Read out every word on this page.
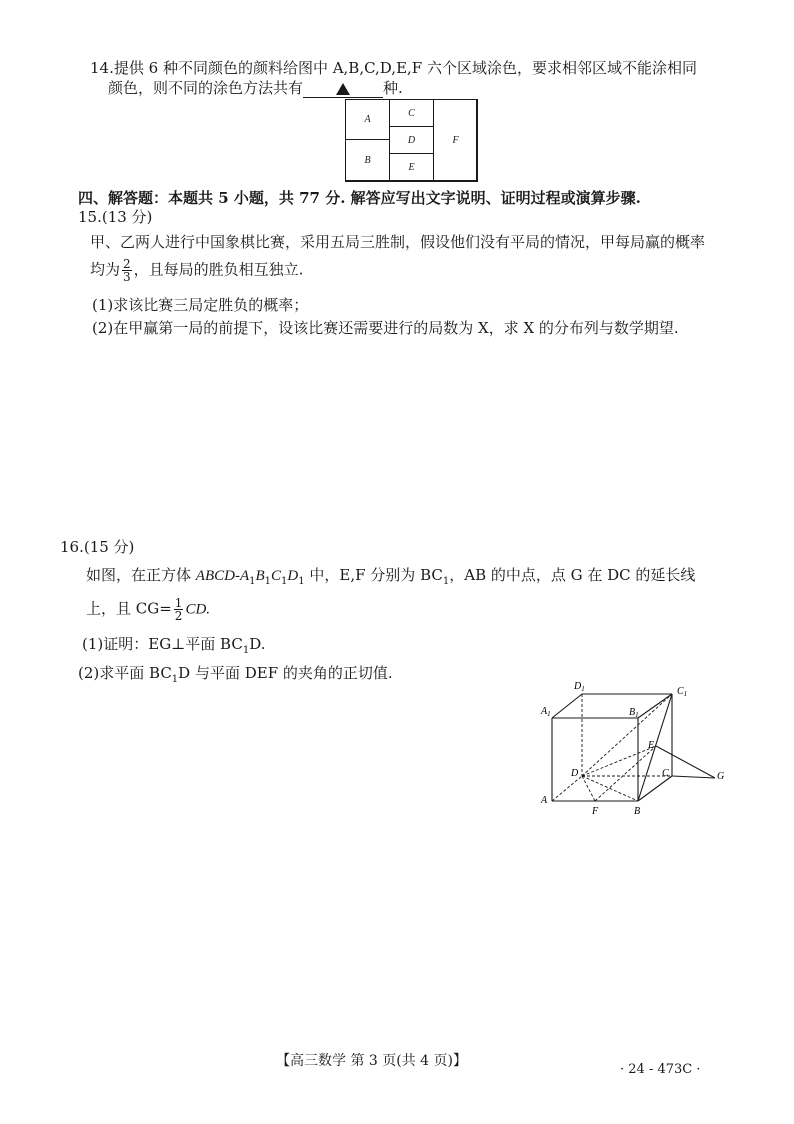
14.提供 6 种不同颜色的颜料给图中 A,B,C,D,E,F 六个区域涂色，要求相邻区域不能涂相同
颜色，则不同的涂色方法共有	种.
A
B
C
D
E
F
四、解答题：本题共 5 小题，共 77 分. 解答应写出文字说明、证明过程或演算步骤.
15.(13 分)
甲、乙两人进行中国象棋比赛，采用五局三胜制，假设他们没有平局的情况，甲每局赢的概率
均为 $\frac{2}{3}$ ，且每局的胜负相互独立.
(1)求该比赛三局定胜负的概率；
(2)在甲赢第一局的前提下，设该比赛还需要进行的局数为 X，求 X 的分布列与数学期望.
16.(15 分)
如图，在正方体 ABCD-$A_1B_1C_1D_1$ 中，E,F 分别为 $BC_1$，AB 的中点，点 G 在 DC 的延长线
上，且 $CG= \frac{1}{2}$ CD.
(1)证明：EG⊥平面 $BC_1D$.
(2)求平面 $BC_1D$ 与平面 DEF 的夹角的正切值.
$D_1$	$C_1$
$A_1$	$B_1$
E
D	C	G
A
F	B
【高三数学 第 3 页(共 4 页)】
· 24 - 473C ·
